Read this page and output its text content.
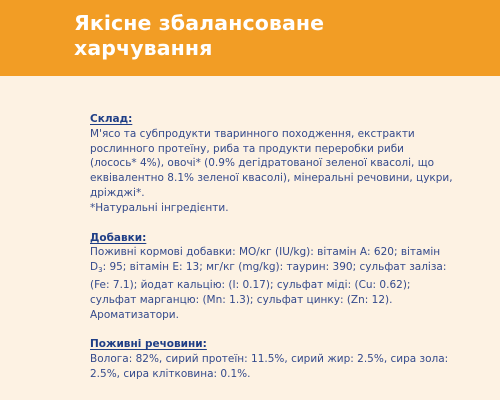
Якісне збалансоване
харчування
Склад:
М'ясо та субпродукти тваринного походження, екстракти
рослинного протеїну, риба та продукти переробки риби
(лосось* 4%), овочі* (0.9% дегідратованої зеленої квасолі, що
еквівалентно 8.1% зеленої квасолі), мінеральні речовини, цукри,
дріжджі*.
*Натуральні інгредієнти.
Добавки:
Поживні кормові добавки: МО/кг (IU/kg): вітамін А: 620; вітамін
$D_3$: 95; вітамін Е: 13; мг/кг (mg/kg): таурин: 390; сульфат заліза:
(Fe: 7.1); йодат кальцію: (I: 0.17); сульфат міді: (Cu: 0.62);
сульфат марганцю: (Mn: 1.3); сульфат цинку: (Zn: 12).
Ароматизатори.
Поживні речовини:
Волога: 82%, сирий протеїн: 11.5%, сирий жир: 2.5%, сира зола:
2.5%, сира клітковина: 0.1%.
